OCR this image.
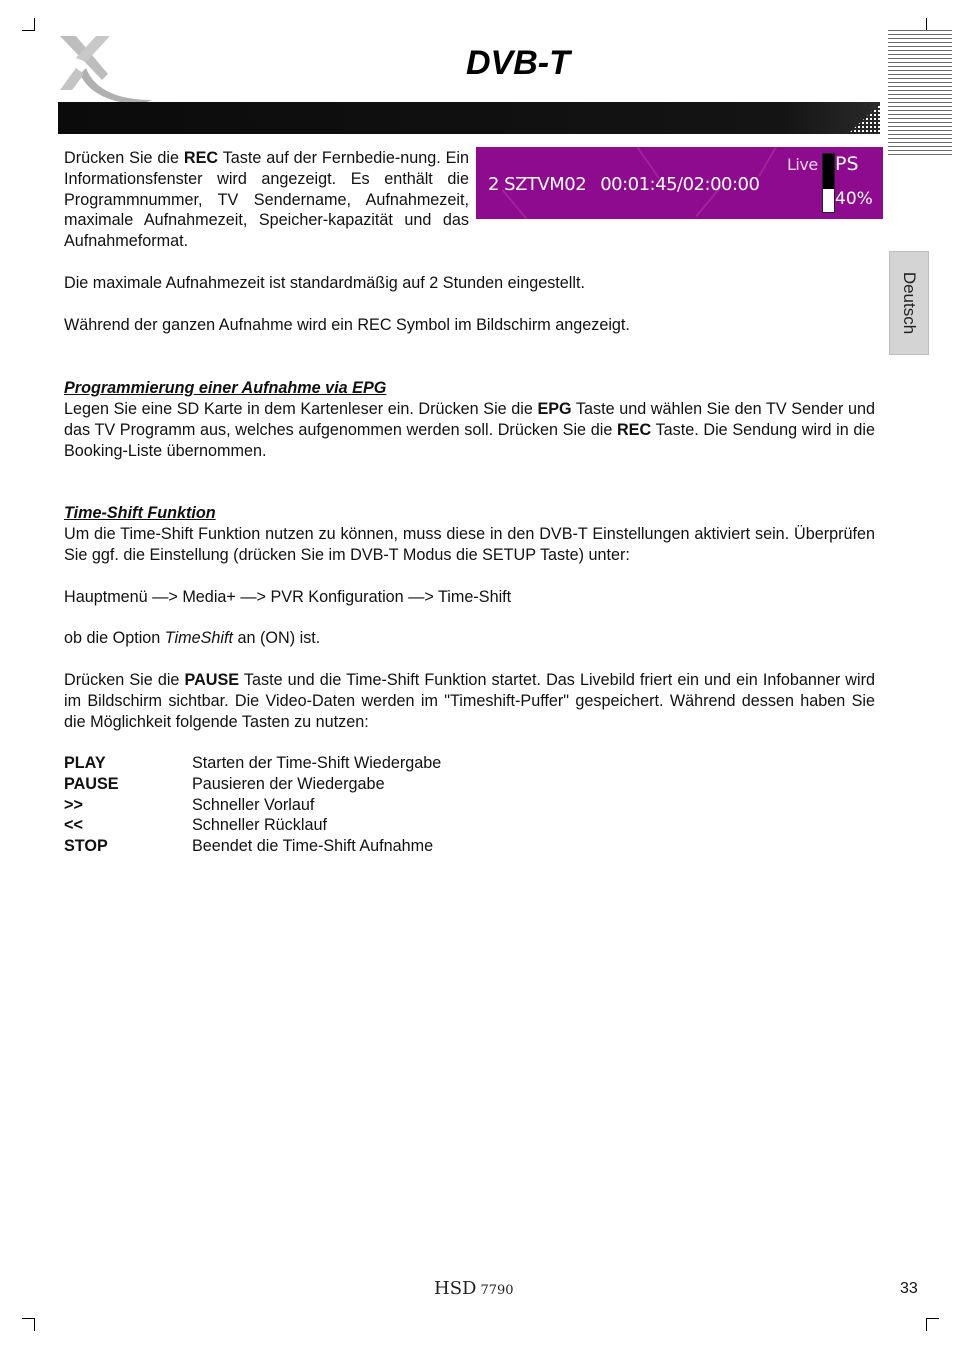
DVB-T
Deutsch
2 SZTVM02 00:01:45/02:00:00
Live PS
40%

Drücken Sie die REC Taste auf der Fernbedie-nung. Ein Informationsfenster wird angezeigt. Es enthält die Programmnummer, TV Sendername, Aufnahmezeit, maximale Aufnahmezeit, Speicher-kapazität und das Aufnahmeformat.

Die maximale Aufnahmezeit ist standardmäßig auf 2 Stunden eingestellt.

Während der ganzen Aufnahme wird ein REC Symbol im Bildschirm angezeigt.

Programmierung einer Aufnahme via EPG

Legen Sie eine SD Karte in dem Kartenleser ein. Drücken Sie die EPG Taste und wählen Sie den TV Sender und das TV Programm aus, welches aufgenommen werden soll. Drücken Sie die REC Taste. Die Sendung wird in die Booking-Liste übernommen.

Time-Shift Funktion

Um die Time-Shift Funktion nutzen zu können, muss diese in den DVB-T Einstellungen aktiviert sein. Überprüfen Sie ggf. die Einstellung (drücken Sie im DVB-T Modus die SETUP Taste) unter:

Hauptmenü —> Media+ —> PVR Konfiguration —> Time-Shift

ob die Option TimeShift an (ON) ist.

Drücken Sie die PAUSE Taste und die Time-Shift Funktion startet. Das Livebild friert ein und ein Infobanner wird im Bildschirm sichtbar. Die Video-Daten werden im "Timeshift-Puffer" gespeichert. Während dessen haben Sie die Möglichkeit folgende Tasten zu nutzen:

PLAY	Starten der Time-Shift Wiedergabe
PAUSE	Pausieren der Wiedergabe
>>	Schneller Vorlauf
<<	Schneller Rücklauf
STOP	Beendet die Time-Shift Aufnahme
HSD 7790	33
